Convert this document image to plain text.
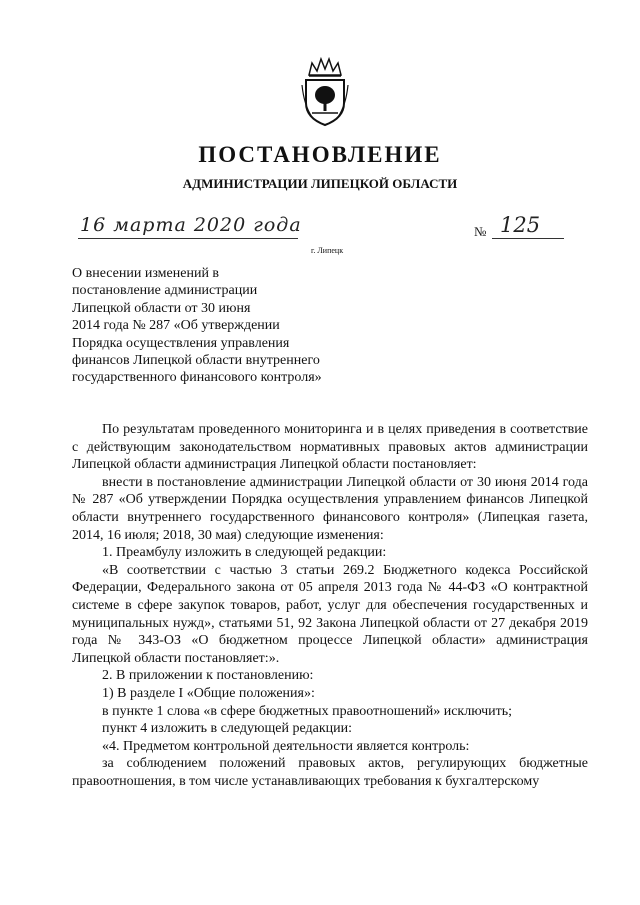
ПОСТАНОВЛЕНИЕ
АДМИНИСТРАЦИИ ЛИПЕЦКОЙ ОБЛАСТИ
16 марта 2020 года
г. Липецк
№ 125
О внесении изменений в
постановление администрации
Липецкой области от 30 июня
2014 года № 287 «Об утверждении
Порядка осуществления управления
финансов Липецкой области внутреннего
государственного финансового контроля»

По результатам проведенного мониторинга и в целях приведения в соответствие с действующим законодательством нормативных правовых актов администрации Липецкой области администрация Липецкой области постановляет:

внести в постановление администрации Липецкой области от 30 июня 2014 года № 287 «Об утверждении Порядка осуществления управлением финансов Липецкой области внутреннего государственного финансового контроля» (Липецкая газета, 2014, 16 июля; 2018, 30 мая) следующие изменения:

1. Преамбулу изложить в следующей редакции:

«В соответствии с частью 3 статьи 269.2 Бюджетного кодекса Российской Федерации, Федерального закона от 05 апреля 2013 года № 44-ФЗ «О контрактной системе в сфере закупок товаров, работ, услуг для обеспечения государственных и муниципальных нужд», статьями 51, 92 Закона Липецкой области от 27 декабря 2019 года № 343-ОЗ «О бюджетном процессе Липецкой области» администрация Липецкой области постановляет:».

2. В приложении к постановлению:

1) В разделе I «Общие положения»:

в пункте 1 слова «в сфере бюджетных правоотношений» исключить;

пункт 4 изложить в следующей редакции:

«4. Предметом контрольной деятельности является контроль:

за соблюдением положений правовых актов, регулирующих бюджетные правоотношения, в том числе устанавливающих требования к бухгалтерскому
